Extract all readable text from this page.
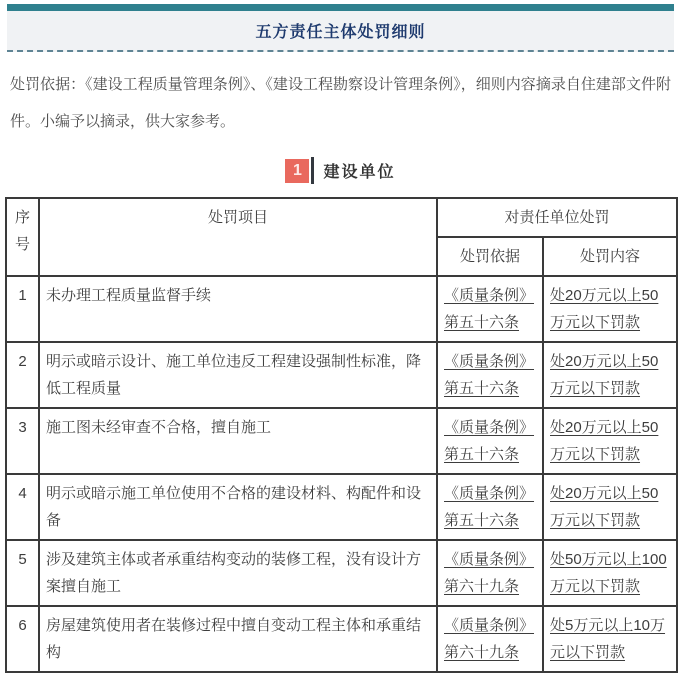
五方责任主体处罚细则

处罚依据：《建设工程质量管理条例》、《建设工程勘察设计管理条例》，细则内容摘录自住建部文件附件。小编予以摘录，供大家参考。

1	建设单位
序号	处罚项目	对责任单位处罚	
		处罚依据	处罚内容
1	未办理工程质量监督手续	《质量条例》第五十六条	处20万元以上50万元以下罚款
2	明示或暗示设计、施工单位违反工程建设强制性标准，降低工程质量	《质量条例》第五十六条	处20万元以上50万元以下罚款
3	施工图未经审查不合格，擅自施工	《质量条例》第五十六条	处20万元以上50万元以下罚款
4	明示或暗示施工单位使用不合格的建设材料、构配件和设备	《质量条例》第五十六条	处20万元以上50万元以下罚款
5	涉及建筑主体或者承重结构变动的装修工程，没有设计方案擅自施工	《质量条例》第六十九条	处50万元以上100万元以下罚款
6	房屋建筑使用者在装修过程中擅自变动工程主体和承重结构	《质量条例》第六十九条	处5万元以上10万元以下罚款
